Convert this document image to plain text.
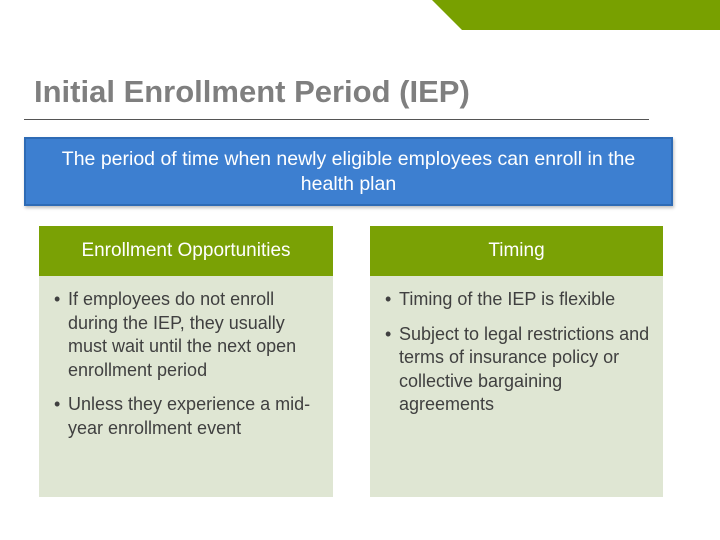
Initial Enrollment Period (IEP)
The period of time when newly eligible employees can enroll in the health plan
Enrollment Opportunities
• If employees do not enroll during the IEP, they usually must wait until the next open enrollment period
• Unless they experience a mid-year enrollment event
Timing
• Timing of the IEP is flexible
• Subject to legal restrictions and terms of insurance policy or collective bargaining agreements
